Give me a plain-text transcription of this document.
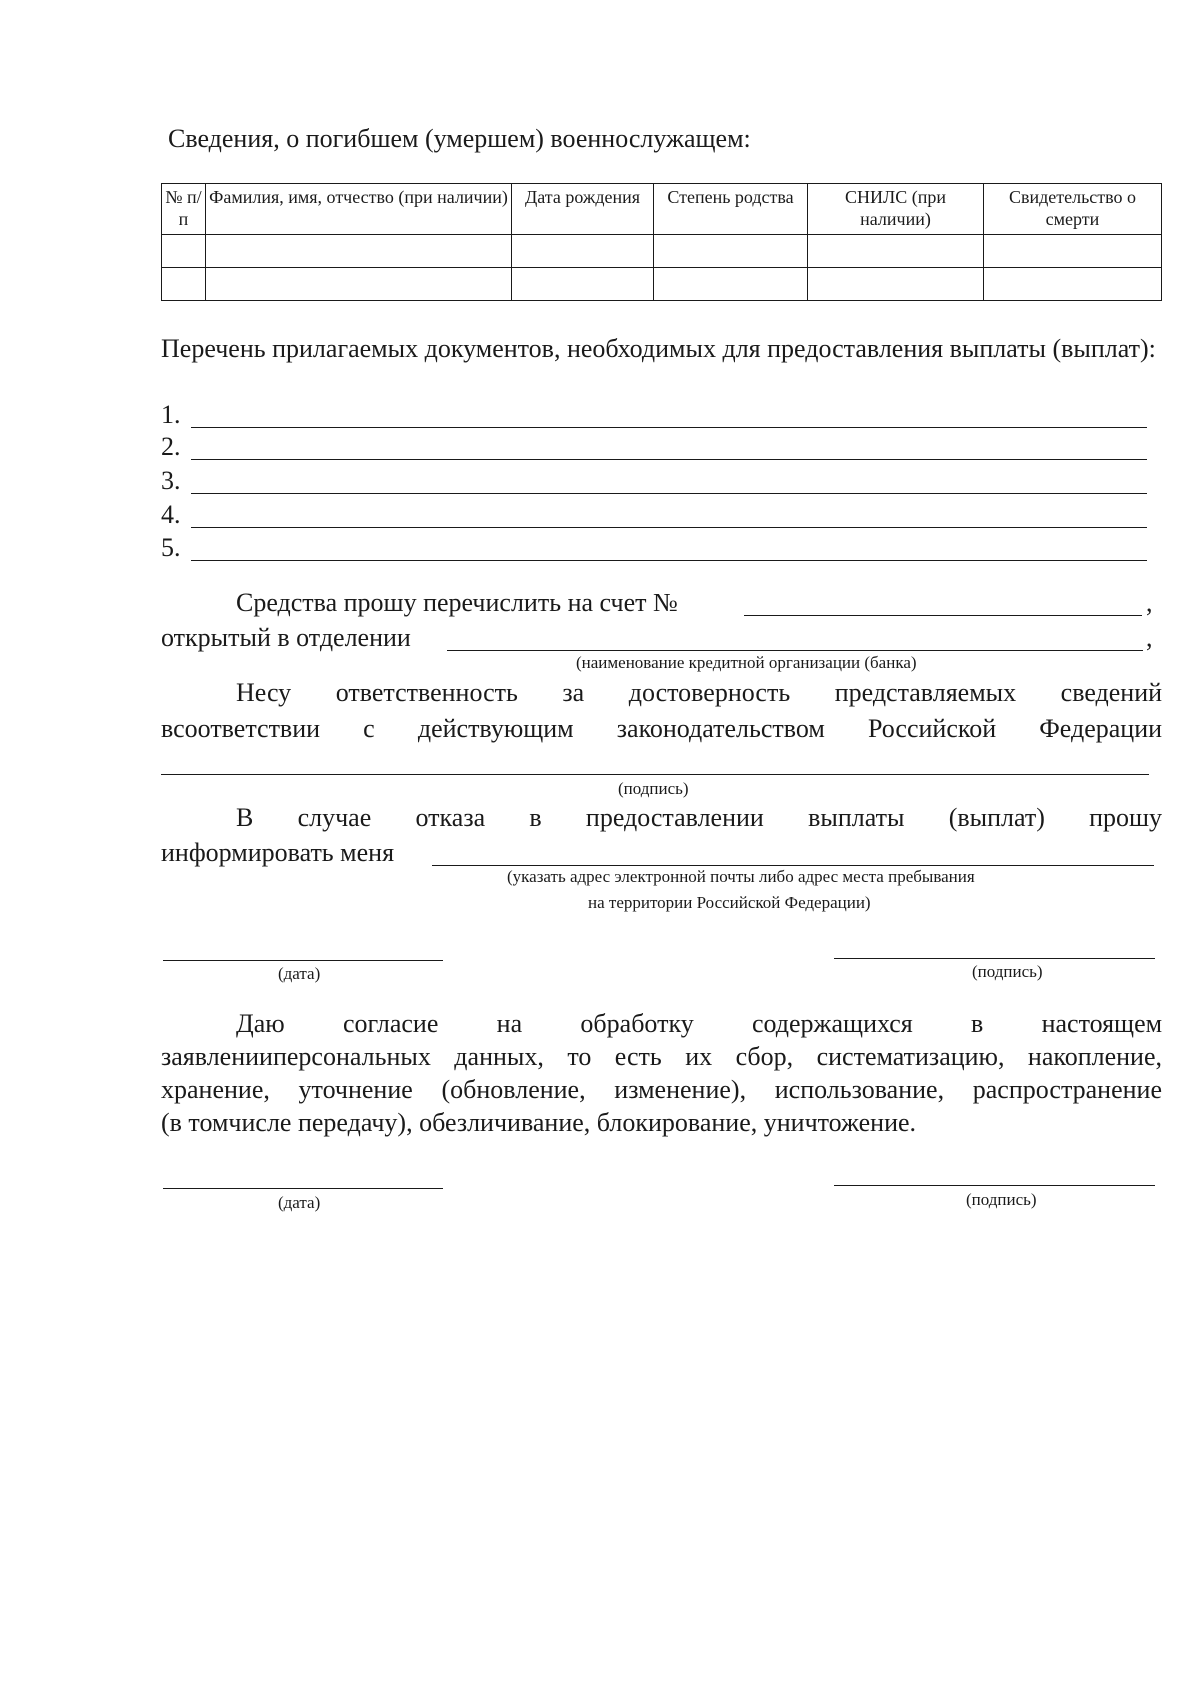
Сведения, о погибшем (умершем) военнослужащем:
№ п/п	Фамилия, имя, отчество (при наличии)	Дата рождения	Степень родства	СНИЛС (при наличии)	Свидетельство о смерти

Перечень прилагаемых документов, необходимых для предоставления выплаты (выплат):
1.
2.
3.
4.
5.
Средства прошу перечислить на счет №	,
открытый в отделении	,
(наименование кредитной организации (банка)
Несу ответственность за достоверность представляемых сведений
всоответствии с действующим законодательством Российской Федерации
(подпись)
В случае отказа в предоставлении выплаты (выплат) прошу
информировать меня
(указать адрес электронной почты либо адрес места пребывания
на территории Российской Федерации)
(дата)	(подпись)
Даю согласие на обработку содержащихся в настоящем
заявленииперсональных данных, то есть их сбор, систематизацию, накопление,
хранение, уточнение (обновление, изменение), использование, распространение
(в томчисле передачу), обезличивание, блокирование, уничтожение.
(дата)	(подпись)
